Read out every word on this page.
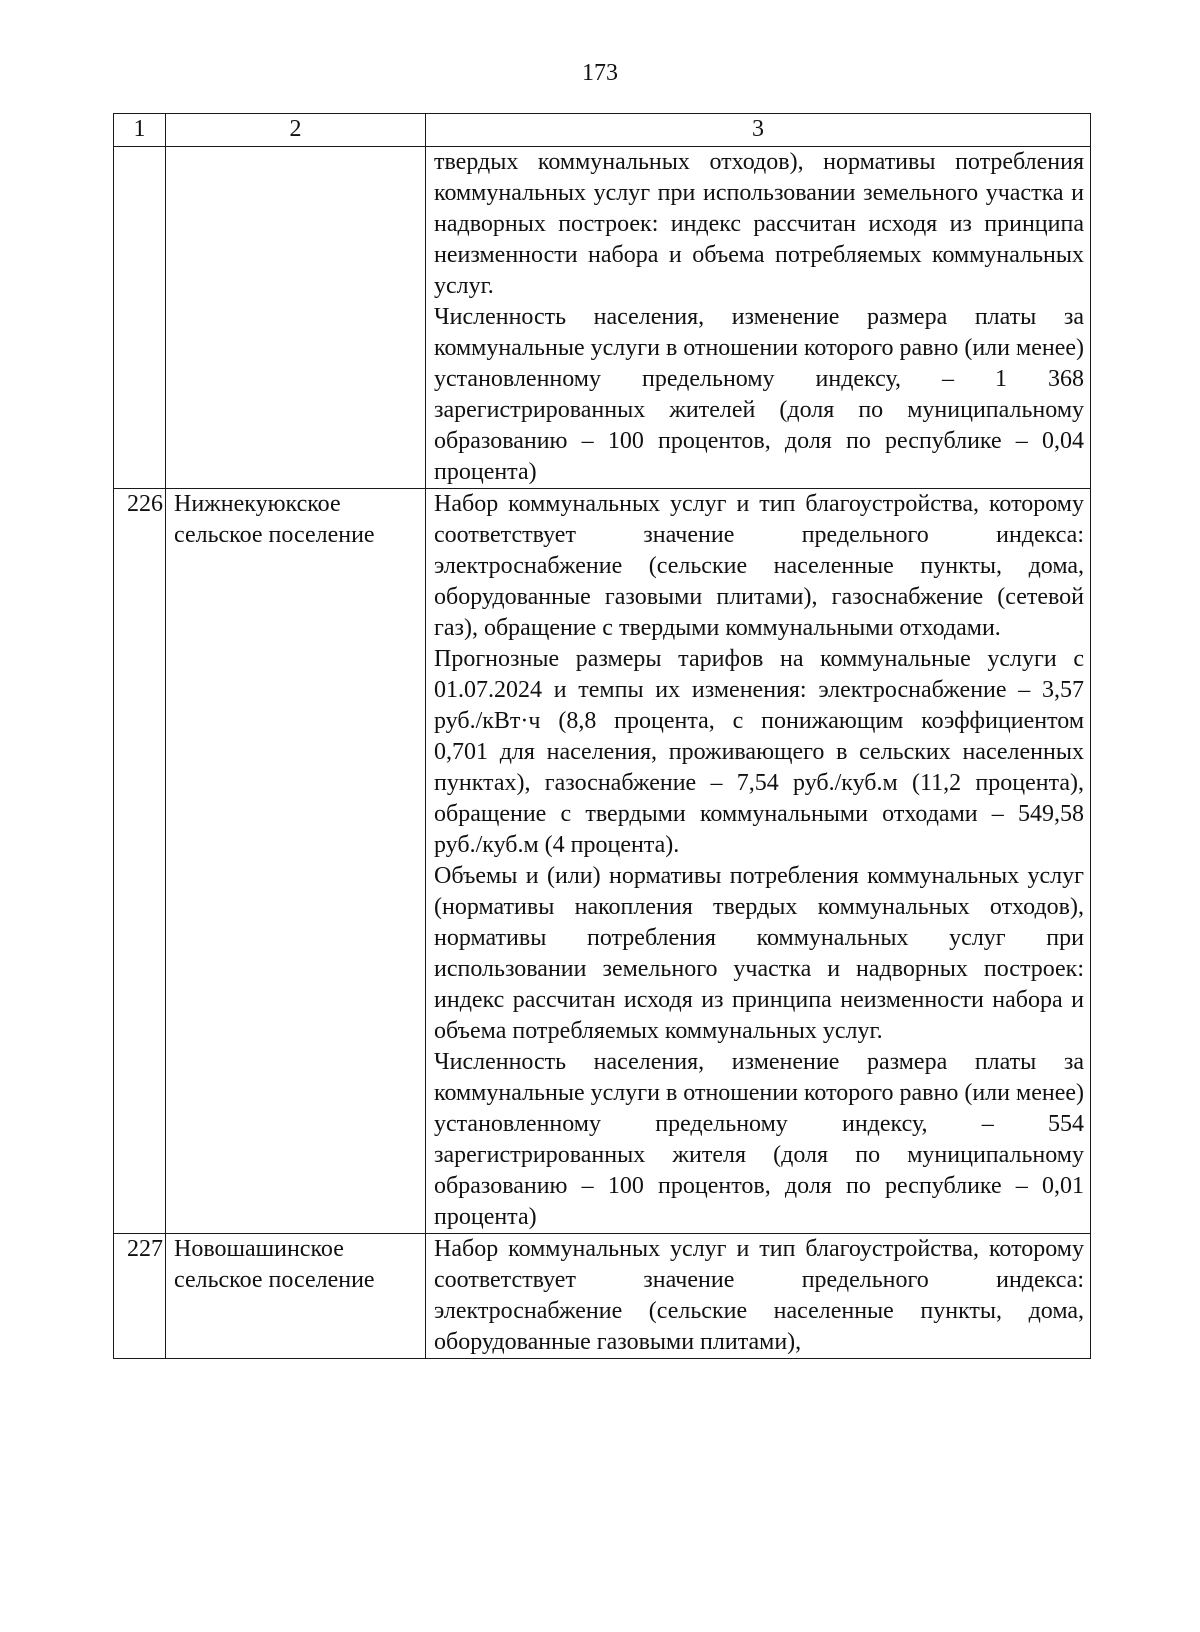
173
1	2	3

		твердых коммунальных отходов), нормативы потребления коммунальных услуг при использовании земельного участка и надворных построек: индекс рассчитан исходя из принципа неизменности набора и объема потребляемых коммунальных услуг.

Численность населения, изменение размера платы за коммунальные услуги в отношении которого равно (или менее) установленному предельному индексу, – 1 368 зарегистрированных жителей (доля по муниципальному образованию – 100 процентов, доля по республике – 0,04 процента)

226	Нижнекуюкское сельское поселение	Набор коммунальных услуг и тип благоустройства, которому соответствует значение предельного индекса: электроснабжение (сельские населенные пункты, дома, оборудованные газовыми плитами), газоснабжение (сетевой газ), обращение с твердыми коммунальными отходами.

Прогнозные размеры тарифов на коммунальные услуги с 01.07.2024 и темпы их изменения: электроснабжение – 3,57 руб./кВт·ч (8,8 процента, с понижающим коэффициентом 0,701 для населения, проживающего в сельских населенных пунктах), газоснабжение – 7,54 руб./куб.м (11,2 процента), обращение с твердыми коммунальными отходами – 549,58 руб./куб.м (4 процента).

Объемы и (или) нормативы потребления коммунальных услуг (нормативы накопления твердых коммунальных отходов), нормативы потребления коммунальных услуг при использовании земельного участка и надворных построек: индекс рассчитан исходя из принципа неизменности набора и объема потребляемых коммунальных услуг.

Численность населения, изменение размера платы за коммунальные услуги в отношении которого равно (или менее) установленному предельному индексу, – 554 зарегистрированных жителя (доля по муниципальному образованию – 100 процентов, доля по республике – 0,01 процента)

227	Новошашинское сельское поселение	Набор коммунальных услуг и тип благоустройства, которому соответствует значение предельного индекса: электроснабжение (сельские населенные пункты, дома, оборудованные газовыми плитами),
